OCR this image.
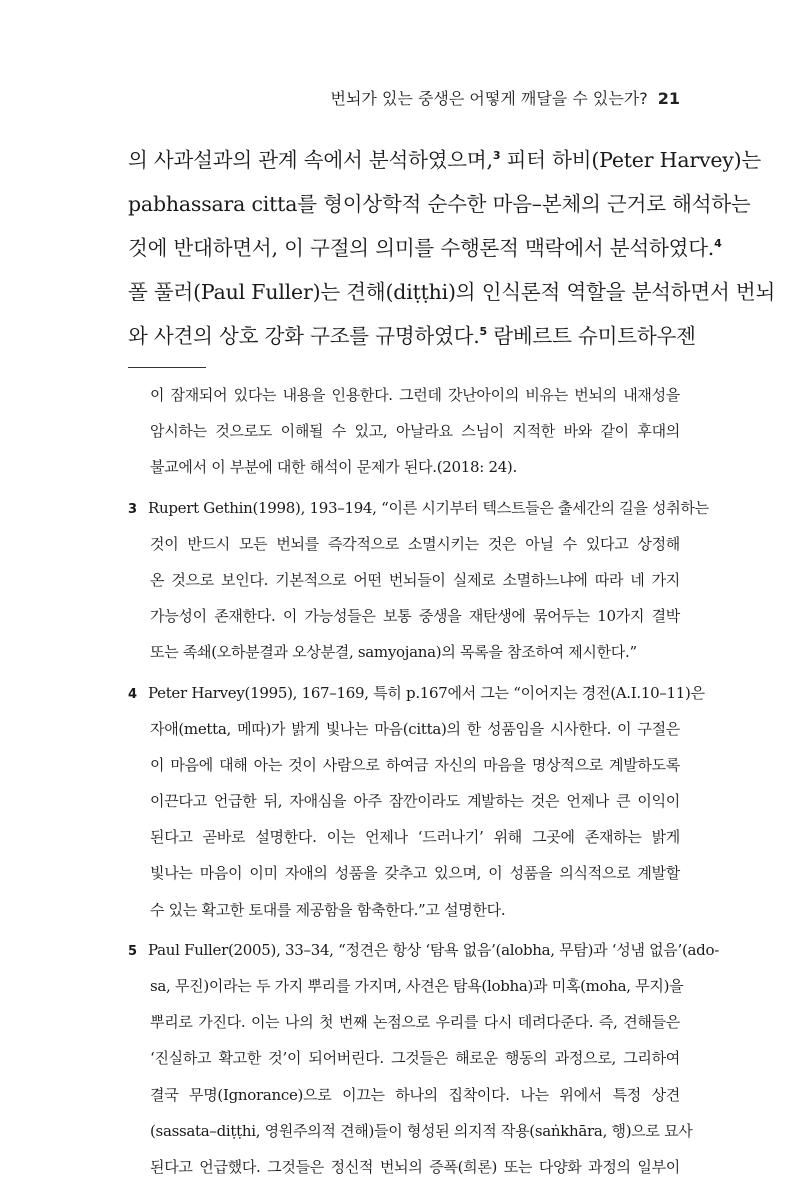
번뇌가 있는 중생은 어떻게 깨달을 수 있는가? 21
의 사과설과의 관계 속에서 분석하였으며,$^3$ 피터 하비(Peter Harvey)는
pabhassara citta를 형이상학적 순수한 마음–본체의 근거로 해석하는
것에 반대하면서, 이 구절의 의미를 수행론적 맥락에서 분석하였다.$^4$
폴 풀러(Paul Fuller)는 견해(diṭṭhi)의 인식론적 역할을 분석하면서 번뇌
와 사견의 상호 강화 구조를 규명하였다.$^5$ 람베르트 슈미트하우젠
이 잠재되어 있다는 내용을 인용한다. 그런데 갓난아이의 비유는 번뇌의 내재성을
암시하는 것으로도 이해될 수 있고, 아날라요 스님이 지적한 바와 같이 후대의
불교에서 이 부분에 대한 해석이 문제가 된다.(2018: 24).
3 Rupert Gethin(1998), 193–194, “이른 시기부터 텍스트들은 출세간의 길을 성취하는
것이 반드시 모든 번뇌를 즉각적으로 소멸시키는 것은 아닐 수 있다고 상정해
온 것으로 보인다. 기본적으로 어떤 번뇌들이 실제로 소멸하느냐에 따라 네 가지
가능성이 존재한다. 이 가능성들은 보통 중생을 재탄생에 묶어두는 10가지 결박
또는 족쇄(오하분결과 오상분결, samyojana)의 목록을 참조하여 제시한다.”
4 Peter Harvey(1995), 167–169, 특히 p.167에서 그는 “이어지는 경전(A.I.10–11)은
자애(metta, 메따)가 밝게 빛나는 마음(citta)의 한 성품임을 시사한다. 이 구절은
이 마음에 대해 아는 것이 사람으로 하여금 자신의 마음을 명상적으로 계발하도록
이끈다고 언급한 뒤, 자애심을 아주 잠깐이라도 계발하는 것은 언제나 큰 이익이
된다고 곧바로 설명한다. 이는 언제나 ‘드러나기’ 위해 그곳에 존재하는 밝게
빛나는 마음이 이미 자애의 성품을 갖추고 있으며, 이 성품을 의식적으로 계발할
수 있는 확고한 토대를 제공함을 함축한다.”고 설명한다.
5 Paul Fuller(2005), 33–34, “정견은 항상 ‘탐욕 없음’(alobha, 무탐)과 ‘성냄 없음’(ado-
sa, 무진)이라는 두 가지 뿌리를 가지며, 사견은 탐욕(lobha)과 미혹(moha, 무지)을
뿌리로 가진다. 이는 나의 첫 번째 논점으로 우리를 다시 데려다준다. 즉, 견해들은
‘진실하고 확고한 것’이 되어버린다. 그것들은 해로운 행동의 과정으로, 그리하여
결국 무명(Ignorance)으로 이끄는 하나의 집착이다. 나는 위에서 특정 상견
(sassata–diṭṭhi, 영원주의적 견해)들이 형성된 의지적 작용(saṅkhāra, 행)으로 묘사
된다고 언급했다. 그것들은 정신적 번뇌의 증폭(희론) 또는 다양화 과정의 일부이
